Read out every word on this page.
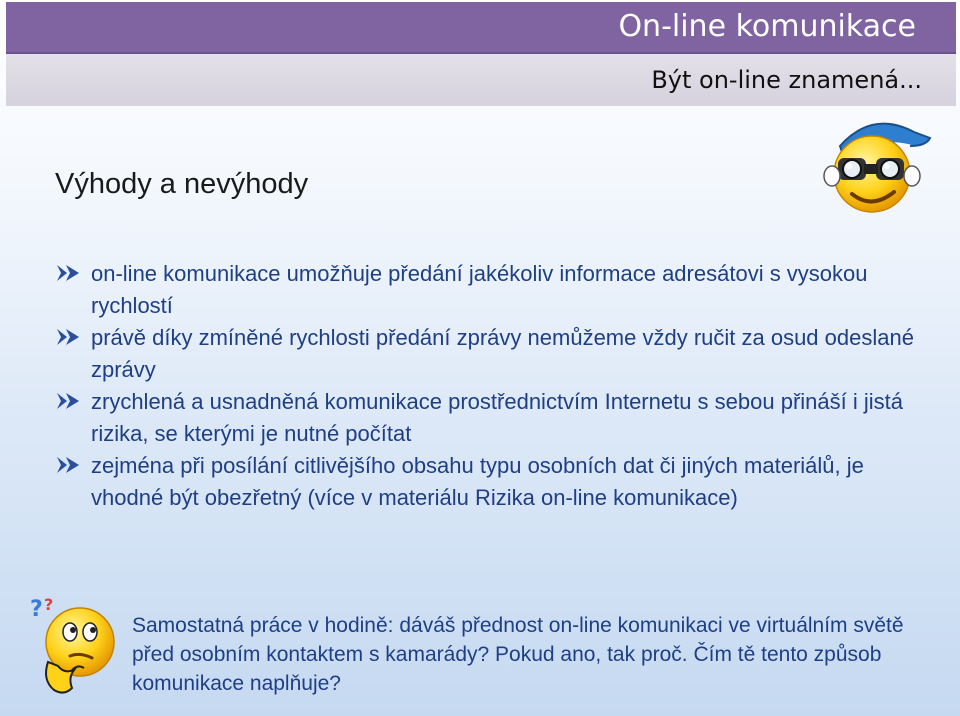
On-line komunikace
Být on-line znamená...
Výhody a nevýhody
on-line komunikace umožňuje předání jakékoliv informace adresátovi s vysokou rychlostí
právě díky zmíněné rychlosti předání zprávy nemůžeme vždy ručit za osud odeslané zprávy
zrychlená a usnadněná komunikace prostřednictvím Internetu s sebou přináší i jistá rizika, se kterými je nutné počítat
zejména při posílání citlivějšího obsahu typu osobních dat či jiných materiálů, je vhodné být obezřetný (více v materiálu Rizika on-line komunikace)
? ?

Samostatná práce v hodině: dáváš přednost on-line komunikaci ve virtuálním světě před osobním kontaktem s kamarády? Pokud ano, tak proč. Čím tě tento způsob komunikace naplňuje?
